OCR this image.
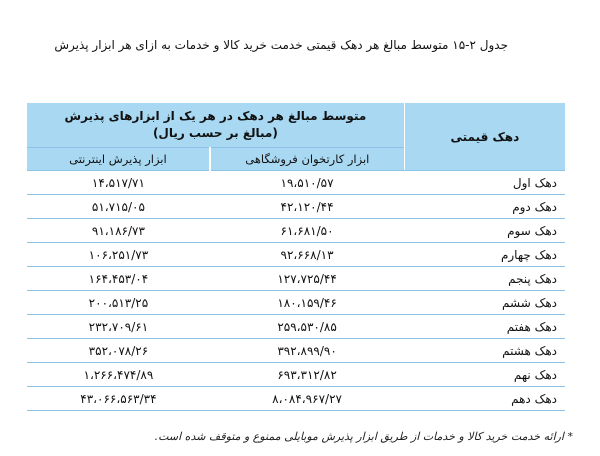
جدول ۲-۱۵ متوسط مبالغ هر دهک قیمتی خدمت خرید کالا و خدمات به ازای هر ابزار پذیرش
دهک قیمتی	متوسط مبالغ هر دهک در هر یک از ابزارهای پذیرش
(مبالغ بر حسب ریال)	
	ابزار کارتخوان فروشگاهی	ابزار پذیرش اینترنتی
دهک اول	۱۹،۵۱۰/۵۷	۱۴،۵۱۷/۷۱
دهک دوم	۴۲،۱۲۰/۴۴	۵۱،۷۱۵/۰۵
دهک سوم	۶۱،۶۸۱/۵۰	۹۱،۱۸۶/۷۳
دهک چهارم	۹۲،۶۶۸/۱۳	۱۰۶،۲۵۱/۷۳
دهک پنجم	۱۲۷،۷۲۵/۴۴	۱۶۴،۴۵۳/۰۴
دهک ششم	۱۸۰،۱۵۹/۴۶	۲۰۰،۵۱۳/۲۵
دهک هفتم	۲۵۹،۵۳۰/۸۵	۲۳۲،۷۰۹/۶۱
دهک هشتم	۳۹۲،۸۹۹/۹۰	۳۵۲،۰۷۸/۲۶
دهک نهم	۶۹۳،۳۱۲/۸۲	۱،۲۶۶،۴۷۴/۸۹
دهک دهم	۸،۰۸۴،۹۶۷/۲۷	۴۳،۰۶۶،۵۶۳/۳۴
* ارائه خدمت خرید کالا و خدمات از طریق ابزار پذیرش موبایلی ممنوع و متوقف شده است.
